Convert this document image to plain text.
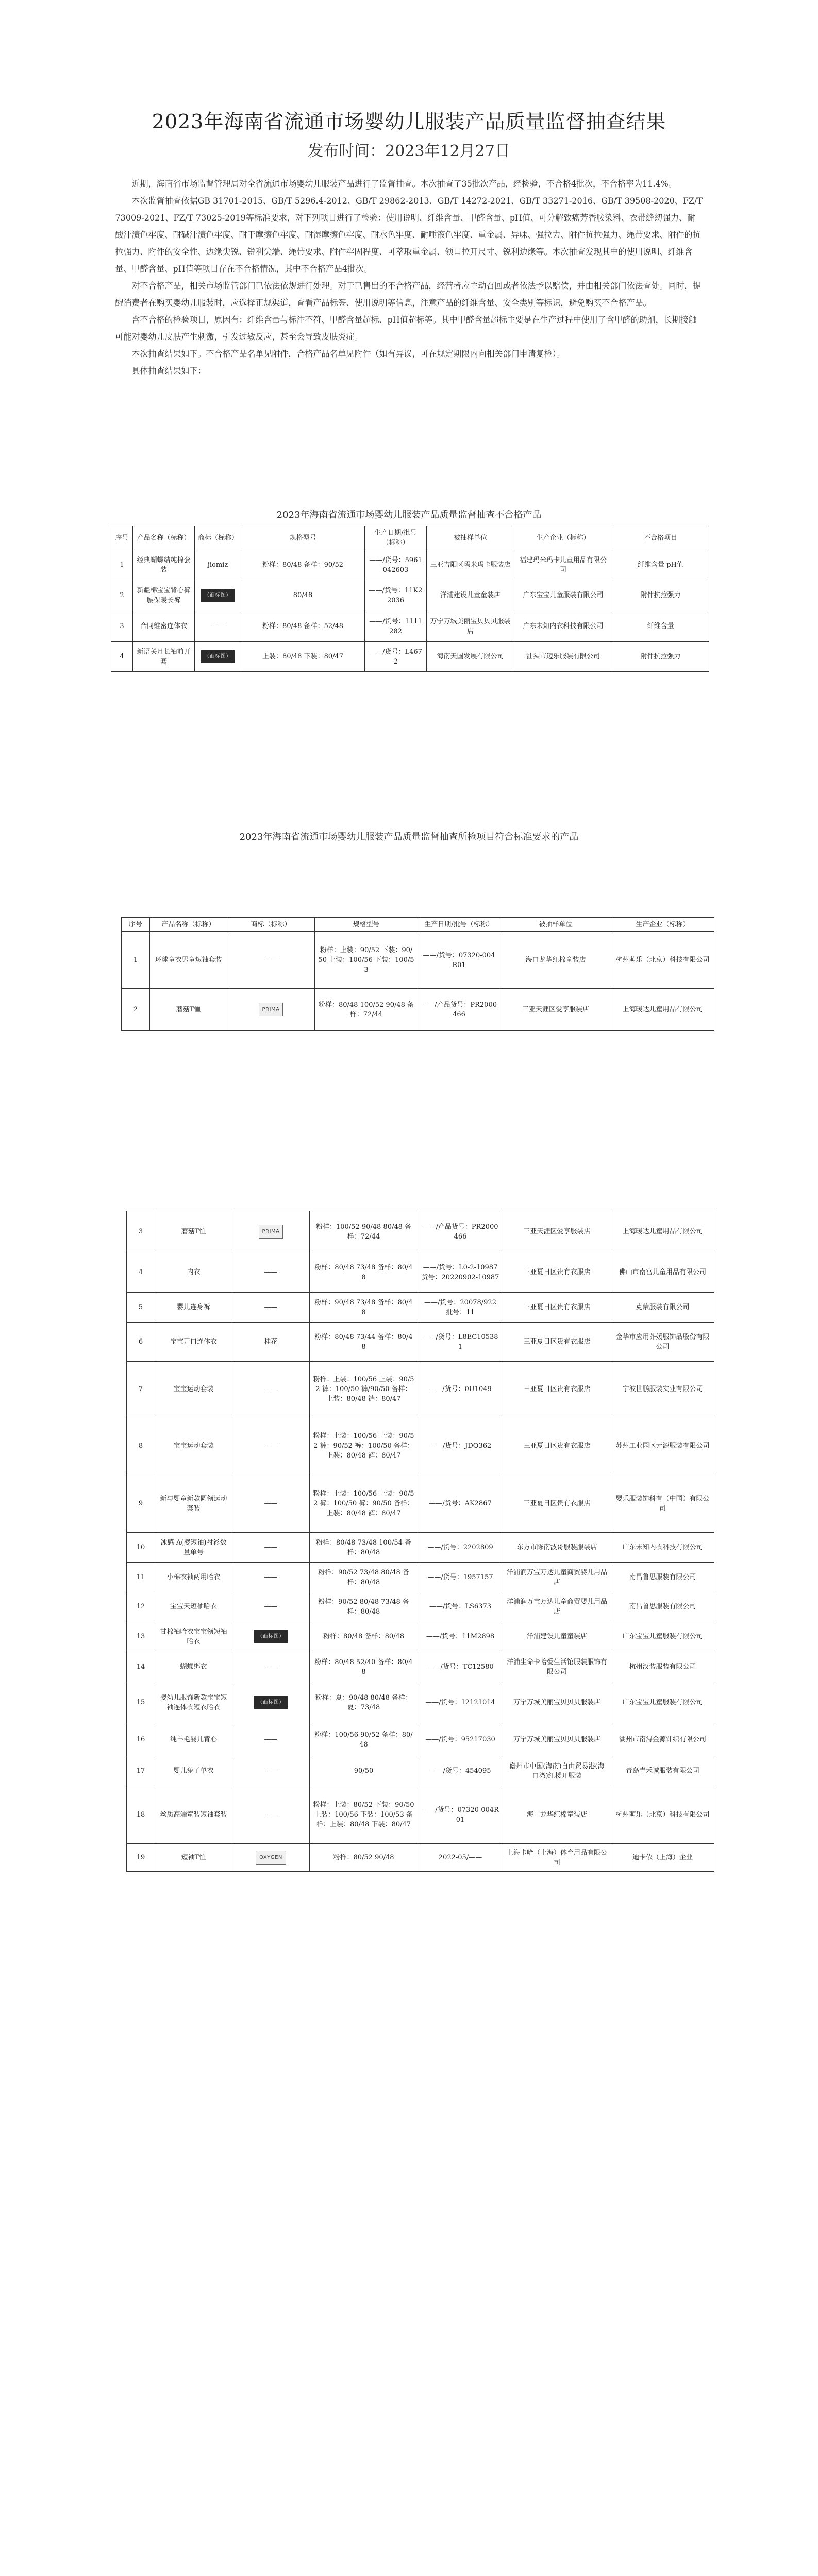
2023年海南省流通市场婴幼儿服装产品质量监督抽查结果

发布时间：2023年12月27日

近期，海南省市场监督管理局对全省流通市场婴幼儿服装产品进行了监督抽查。本次抽查了35批次产品，经检验，不合格4批次，不合格率为11.4%。

本次监督抽查依据GB 31701-2015、GB/T 5296.4-2012、GB/T 29862-2013、GB/T 14272-2021、GB/T 33271-2016、GB/T 39508-2020、FZ/T 73009-2021、FZ/T 73025-2019等标准要求，对下列项目进行了检验：使用说明、纤维含量、甲醛含量、pH值、可分解致癌芳香胺染料、衣带缝纫强力、耐酸汗渍色牢度、耐碱汗渍色牢度、耐干摩擦色牢度、耐湿摩擦色牢度、耐水色牢度、耐唾液色牢度、重金属、异味、强拉力、附件抗拉强力、绳带要求、附件的抗拉强力、附件的安全性、边缘尖锐、锐利尖端、绳带要求、附件牢固程度、可萃取重金属、领口拉开尺寸、锐利边缘等。本次抽查发现其中的使用说明、纤维含量、甲醛含量、pH值等项目存在不合格情况，其中不合格产品4批次。

对不合格产品，相关市场监管部门已依法依规进行处理。对于已售出的不合格产品，经营者应主动召回或者依法予以赔偿，并由相关部门依法查处。同时，提醒消费者在购买婴幼儿服装时，应选择正规渠道，查看产品标签、使用说明等信息，注意产品的纤维含量、安全类别等标识，避免购买不合格产品。

含不合格的检验项目，原因有：纤维含量与标注不符、甲醛含量超标、pH值超标等。其中甲醛含量超标主要是在生产过程中使用了含甲醛的助剂，长期接触可能对婴幼儿皮肤产生刺激，引发过敏反应，甚至会导致皮肤炎症。

本次抽查结果如下。不合格产品名单见附件，合格产品名单见附件（如有异议，可在规定期限内向相关部门申请复检）。

具体抽查结果如下：

2023年海南省流通市场婴幼儿服装产品质量监督抽查不合格产品
序号	产品名称（标称）	商标（标称）	规格型号	生产日期/批号（标称）	被抽样单位	生产企业（标称）	不合格项目
1	经典蝴蝶结纯棉套装	jiomiz	粉样：80/48 备样：90/52	——/货号：5961042603	三亚吉阳区玛米玛卡服装店	福建玛米玛卡儿童用品有限公司	纤维含量 pH值
2	新疆棉宝宝背心裤腰保暖长裤	（商标图）	80/48	——/货号：11K22036	洋浦建设儿童童装店	广东宝宝儿童服装有限公司	附件抗拉强力
3	合同维密连体衣	——	粉样：80/48 备样：52/48	——/货号：1111282	万宁万城美丽宝贝贝贝服装店	广东未知内衣科技有限公司	纤维含量
4	新语关月长袖前开套	（商标图）	上装：80/48 下装：80/47	——/货号：L4672	海南天国发展有限公司	汕头市迈乐服装有限公司	附件抗拉强力
2023年海南省流通市场婴幼儿服装产品质量监督抽查所检项目符合标准要求的产品
序号	产品名称（标称）	商标（标称）	规格型号	生产日期/批号（标称）	被抽样单位	生产企业（标称）
1	环球童衣男童短袖套装	——	粉样：上装：90/52 下装：90/50 上装：100/56 下装：100/53	——/货号：07320-004R01	海口龙华红棉童装店	杭州萌乐（北京）科技有限公司
2	蘑菇T恤	PRIMA	粉样：80/48 100/52 90/48 备样：72/44	——/产品货号：PR2000466	三亚天涯区爱亨服装店	上海暖达儿童用品有限公司
3	蘑菇T恤	PRIMA	粉样：100/52 90/48 80/48 备样：72/44	——/产品货号：PR2000466	三亚天涯区爱亨服装店	上海暖达儿童用品有限公司
4	内衣	——	粉样：80/48 73/48 备样：80/48	——/货号：L0-2-10987 货号：20220902-10987	三亚夏日区贵有衣服店	佛山市南宫儿童用品有限公司
5	婴儿连身裤	——	粉样：90/48 73/48 备样：80/48	——/货号：20078/922 批号：11	三亚夏日区贵有衣服店	克蒙服装有限公司
6	宝宝开口连体衣	桂花	粉样：80/48 73/44 备样：80/48	——/货号：L8EC105381	三亚夏日区贵有衣服店	金华市应用芥媛服饰品股份有限公司
7	宝宝运动套装	——	粉样：上装：100/56 上装：90/52 裤：100/50 裤/90/50 备样：上装：80/48 裤：80/47	——/货号：0U1049	三亚夏日区贵有衣服店	宁波世鹏服装实业有限公司
8	宝宝运动套装	——	粉样：上装：100/56 上装：90/52 裤：90/52 裤：100/50 备样：上装：80/48 裤：80/47	——/货号：JDO362	三亚夏日区贵有衣服店	苏州工业园区元源服装有限公司
9	新与婴童新款圆领运动套装	——	粉样：上装：100/56 上装：90/52 裤：100/50 裤：90/50 备样：上装：80/48 裤：80/47	——/货号：AK2867	三亚夏日区贵有衣服店	婴乐服装饰科有（中国）有限公司
10	冰感-A(婴短袖)衬衫数量单号	——	粉样：80/48 73/48 100/54 备样：80/48	——/货号：2202809	东方市陈南波哥服装服装店	广东未知内衣科技有限公司
11	小棉衣袖两用哈衣	——	粉样：90/52 73/48 80/48 备样：80/48	——/货号：1957157	洋浦润万宝万达儿童商贸婴儿用品店	南昌鲁思服装有限公司
12	宝宝天短袖哈衣	——	粉样：90/52 80/48 73/48 备样：80/48	——/货号：LS6373	洋浦润万宝万达儿童商贸婴儿用品店	南昌鲁思服装有限公司
13	甘棉袖哈衣宝宝领短袖哈衣	（商标图）	粉样：80/48 备样：80/48	——/货号：11M2898	洋浦建设儿童童装店	广东宝宝儿童服装有限公司
14	蝴蝶绑衣	——	粉样：80/48 52/40 备样：80/48	——/货号：TC12580	洋浦生命卡哈爱生活馆服装服饰有限公司	杭州汉装服装有限公司
15	婴幼儿服饰新款宝宝短袖连体衣短衣哈衣	（商标图）	粉样：夏：90/48 80/48 备样：夏：73/48	——/货号：12121014	万宁万城美丽宝贝贝贝服装店	广东宝宝儿童服装有限公司
16	纯羊毛婴儿背心	——	粉样：100/56 90/52 备样：80/48	——/货号：95217030	万宁万城美丽宝贝贝贝服装店	湖州市南浔金源针织有限公司
17	婴儿兔子单衣	——	90/50	——/货号：454095	儋州市中国(海南)自由贸易港(海口湾)红楼开服装	青岛青禾诚服装有限公司
18	丝质高端童装短袖套装	——	粉样：上装：80/52 下装：90/50 上装：100/56 下装：100/53 备样：上装：80/48 下装：80/47	——/货号：07320-004R01	海口龙华红棉童装店	杭州萌乐（北京）科技有限公司
19	短袖T恤	OXYGEN	粉样：80/52 90/48	2022-05/——	上海卡哈（上海）体育用品有限公司	迪卡侬（上海）企业
